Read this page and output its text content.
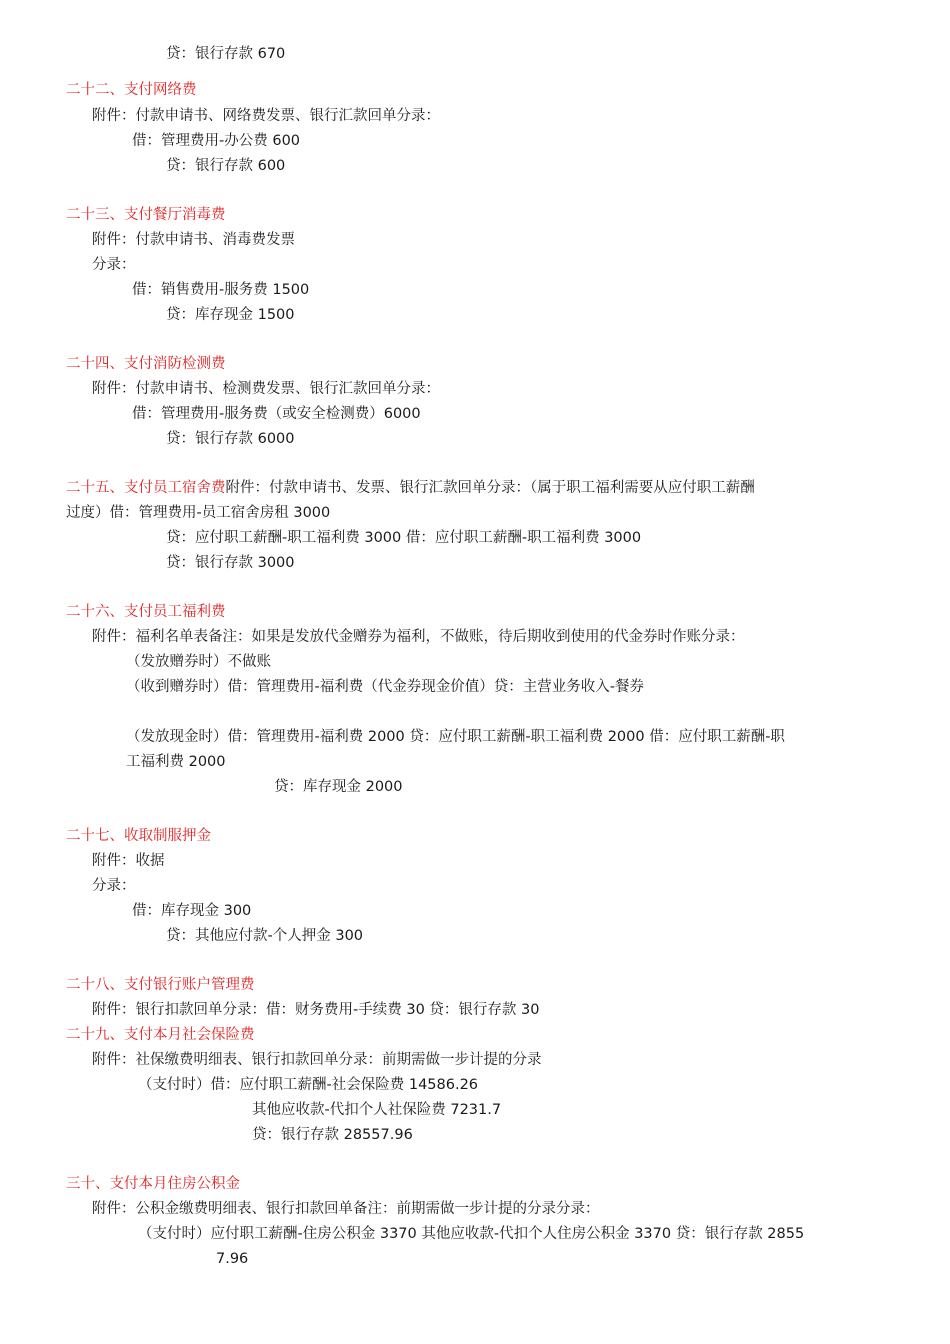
贷：银行存款 670
二十二、支付网络费
附件：付款申请书、网络费发票、银行汇款回单分录：
借：管理费用-办公费 600
贷：银行存款 600
二十三、支付餐厅消毒费
附件：付款申请书、消毒费发票
分录：
借：销售费用-服务费 1500
贷：库存现金 1500
二十四、支付消防检测费
附件：付款申请书、检测费发票、银行汇款回单分录：
借：管理费用-服务费（或安全检测费）6000
贷：银行存款 6000
二十五、支付员工宿舍费附件：付款申请书、发票、银行汇款回单分录：（属于职工福利需要从应付职工薪酬
过度）借：管理费用-员工宿舍房租 3000
贷：应付职工薪酬-职工福利费 3000 借：应付职工薪酬-职工福利费 3000
贷：银行存款 3000
二十六、支付员工福利费
附件：福利名单表备注：如果是发放代金赠券为福利，不做账，待后期收到使用的代金券时作账分录：
（发放赠券时）不做账
（收到赠券时）借：管理费用-福利费（代金券现金价值）贷：主营业务收入-餐券
（发放现金时）借：管理费用-福利费 2000 贷：应付职工薪酬-职工福利费 2000 借：应付职工薪酬-职
工福利费 2000
贷：库存现金 2000
二十七、收取制服押金
附件：收据
分录：
借：库存现金 300
贷：其他应付款-个人押金 300
二十八、支付银行账户管理费
附件：银行扣款回单分录：借：财务费用-手续费 30 贷：银行存款 30
二十九、支付本月社会保险费
附件：社保缴费明细表、银行扣款回单分录：前期需做一步计提的分录
（支付时）借：应付职工薪酬-社会保险费 14586.26
其他应收款-代扣个人社保险费 7231.7
贷：银行存款 28557.96
三十、支付本月住房公积金
附件：公积金缴费明细表、银行扣款回单备注：前期需做一步计提的分录分录：
（支付时）应付职工薪酬-住房公积金 3370 其他应收款-代扣个人住房公积金 3370 贷：银行存款 2855
7.96
